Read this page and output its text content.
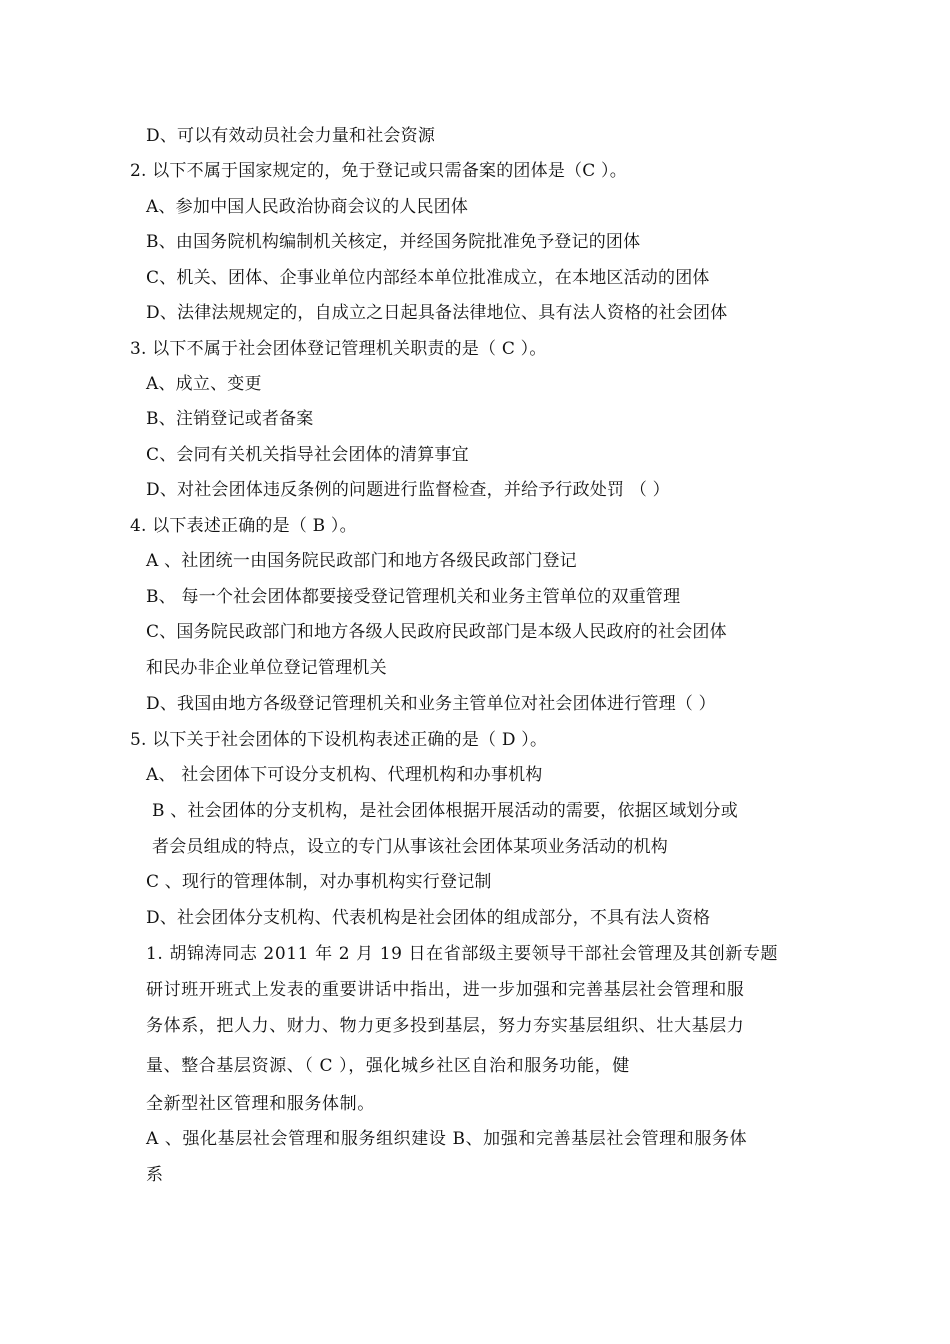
D、可以有效动员社会力量和社会资源
2. 以下不属于国家规定的，免于登记或只需备案的团体是（C ）。
A、参加中国人民政治协商会议的人民团体
B、由国务院机构编制机关核定，并经国务院批准免予登记的团体
C、机关、团体、企事业单位内部经本单位批准成立，在本地区活动的团体
D、法律法规规定的，自成立之日起具备法律地位、具有法人资格的社会团体
3. 以下不属于社会团体登记管理机关职责的是（ C ）。
A、成立、变更
B、注销登记或者备案
C、会同有关机关指导社会团体的清算事宜
D、对社会团体违反条例的问题进行监督检查，并给予行政处罚 （ ）
4. 以下表述正确的是（ B ）。
A 、社团统一由国务院民政部门和地方各级民政部门登记
B、 每一个社会团体都要接受登记管理机关和业务主管单位的双重管理
C、国务院民政部门和地方各级人民政府民政部门是本级人民政府的社会团体
和民办非企业单位登记管理机关
D、我国由地方各级登记管理机关和业务主管单位对社会团体进行管理（ ）
5. 以下关于社会团体的下设机构表述正确的是（ D ）。
A、 社会团体下可设分支机构、代理机构和办事机构
B 、社会团体的分支机构，是社会团体根据开展活动的需要，依据区域划分或
者会员组成的特点，设立的专门从事该社会团体某项业务活动的机构
C 、现行的管理体制，对办事机构实行登记制
D、社会团体分支机构、代表机构是社会团体的组成部分，不具有法人资格
1. 胡锦涛同志 2011 年 2 月 19 日在省部级主要领导干部社会管理及其创新专题
研讨班开班式上发表的重要讲话中指出，进一步加强和完善基层社会管理和服
务体系，把人力、财力、物力更多投到基层，努力夯实基层组织、壮大基层力
量、整合基层资源、（ C ），强化城乡社区自治和服务功能，健
全新型社区管理和服务体制。
A 、强化基层社会管理和服务组织建设 B、加强和完善基层社会管理和服务体
系
